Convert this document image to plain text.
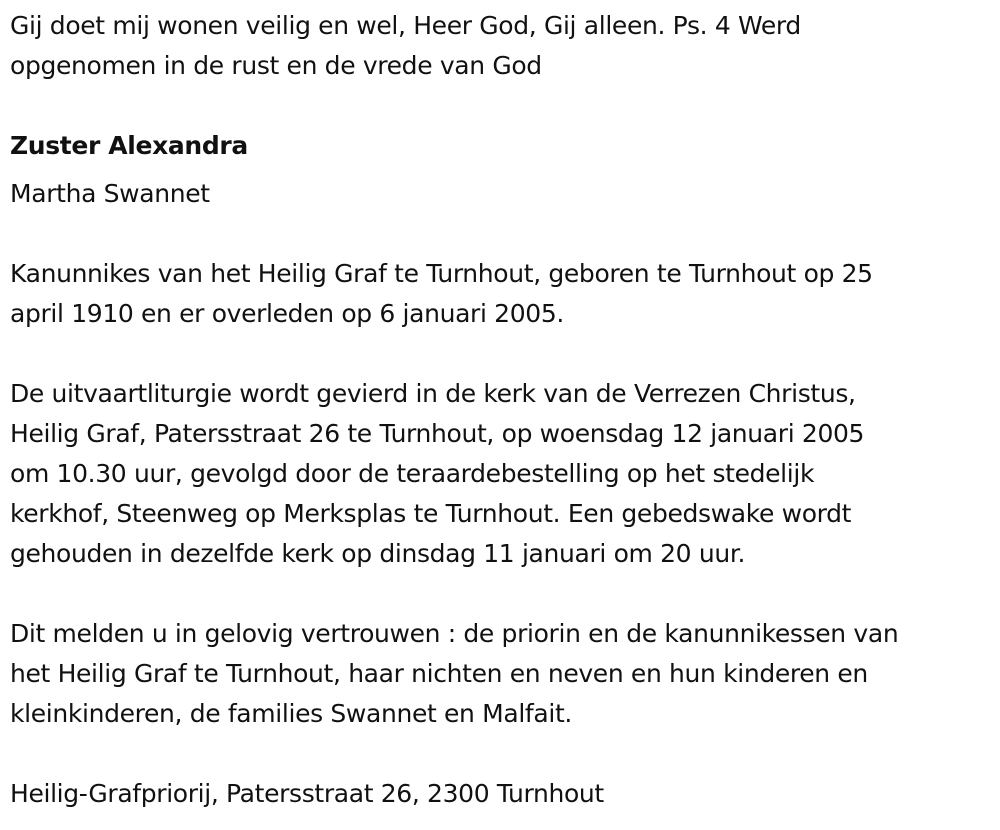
Gij doet mij wonen veilig en wel, Heer God, Gij alleen. Ps. 4 Werd
opgenomen in de rust en de vrede van God
Zuster Alexandra
Martha Swannet
Kanunnikes van het Heilig Graf te Turnhout, geboren te Turnhout op 25
april 1910 en er overleden op 6 januari 2005.
De uitvaartliturgie wordt gevierd in de kerk van de Verrezen Christus,
Heilig Graf, Patersstraat 26 te Turnhout, op woensdag 12 januari 2005
om 10.30 uur, gevolgd door de teraardebestelling op het stedelijk
kerkhof, Steenweg op Merksplas te Turnhout. Een gebedswake wordt
gehouden in dezelfde kerk op dinsdag 11 januari om 20 uur.
Dit melden u in gelovig vertrouwen : de priorin en de kanunnikessen van
het Heilig Graf te Turnhout, haar nichten en neven en hun kinderen en
kleinkinderen, de families Swannet en Malfait.
Heilig-Grafpriorij, Patersstraat 26, 2300 Turnhout
